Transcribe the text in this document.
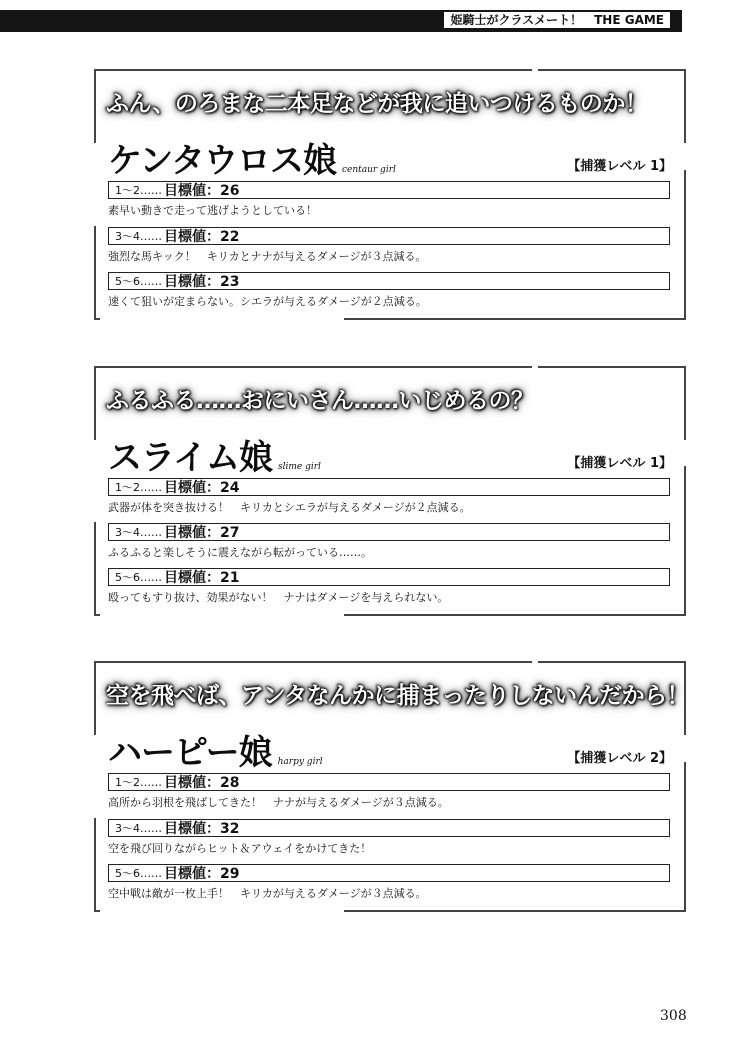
姫騎士がクラスメート！　THE GAME
ふん、のろまな二本足などが我に追いつけるものか！
ケンタウロス娘 centaur girl	【捕獲レベル 1】
1～2…… 目標値：26
素早い動きで走って逃げようとしている！
3～4…… 目標値：22
強烈な馬キック！　キリカとナナが与えるダメージが３点減る。
5～6…… 目標値：23
速くて狙いが定まらない。シエラが与えるダメージが２点減る。
ふるふる……おにいさん……いじめるの？
スライム娘 slime girl	【捕獲レベル 1】
1～2…… 目標値：24
武器が体を突き抜ける！　キリカとシエラが与えるダメージが２点減る。
3～4…… 目標値：27
ふるふると楽しそうに震えながら転がっている……。
5～6…… 目標値：21
殴ってもすり抜け、効果がない！　ナナはダメージを与えられない。
空を飛べば、アンタなんかに捕まったりしないんだから！
ハーピー娘 harpy girl	【捕獲レベル 2】
1～2…… 目標値：28
高所から羽根を飛ばしてきた！　ナナが与えるダメージが３点減る。
3～4…… 目標値：32
空を飛び回りながらヒット＆アウェイをかけてきた！
5～6…… 目標値：29
空中戦は敵が一枚上手！　キリカが与えるダメージが３点減る。
308
